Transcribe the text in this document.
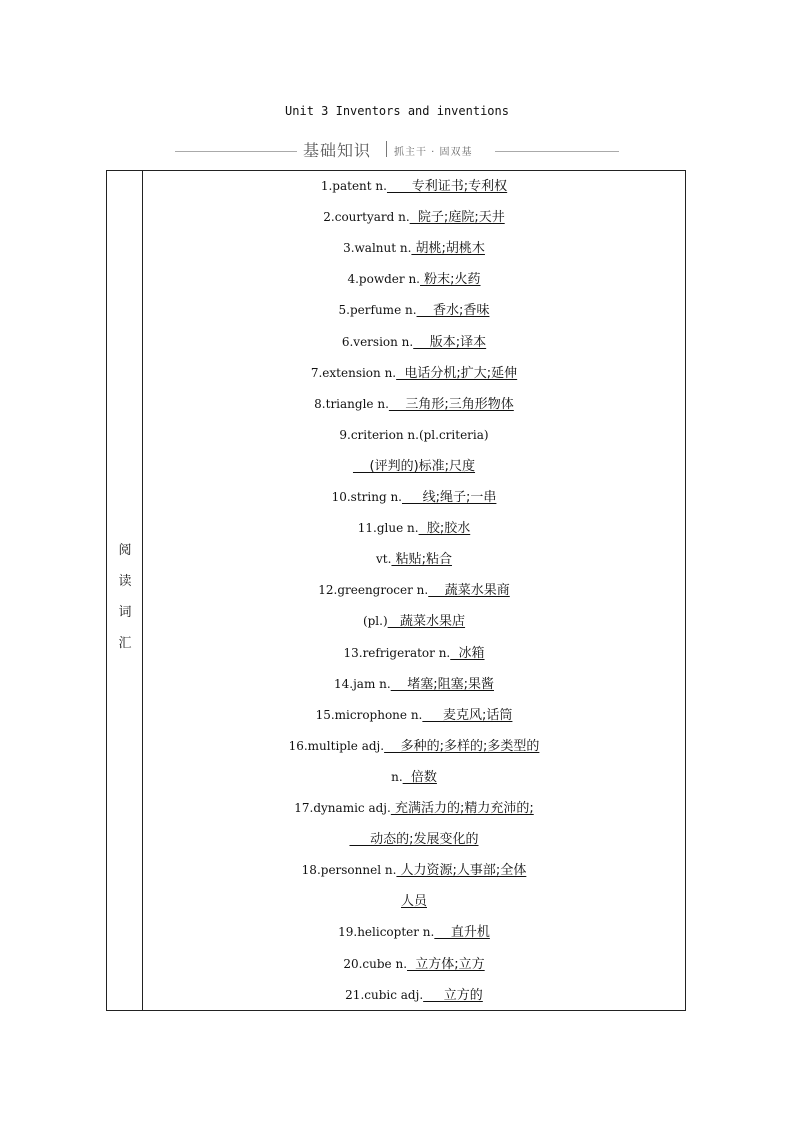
Unit 3 Inventors and inventions
基础知识 抓主干 · 固双基
阅
读
词
汇
1.patent n.      专利证书;专利权
2.courtyard n.  院子;庭院;天井
3.walnut n. 胡桃;胡桃木
4.powder n. 粉末;火药
5.perfume n.    香水;香味
6.version n.    版本;译本
7.extension n.  电话分机;扩大;延伸
8.triangle n.    三角形;三角形物体
9.criterion n.(pl.criteria)
(评判的)标准;尺度
10.string n.     线;绳子;一串
11.glue n.  胶;胶水
vt. 粘贴;粘合
12.greengrocer n.    蔬菜水果商
(pl.)   蔬菜水果店
13.refrigerator n.  冰箱
14.jam n.    堵塞;阻塞;果酱
15.microphone n.     麦克风;话筒
16.multiple adj.    多种的;多样的;多类型的
n.  倍数
17.dynamic adj. 充满活力的;精力充沛的;
动态的;发展变化的
18.personnel n. 人力资源;人事部;全体
人员
19.helicopter n.    直升机
20.cube n.  立方体;立方
21.cubic adj.     立方的
